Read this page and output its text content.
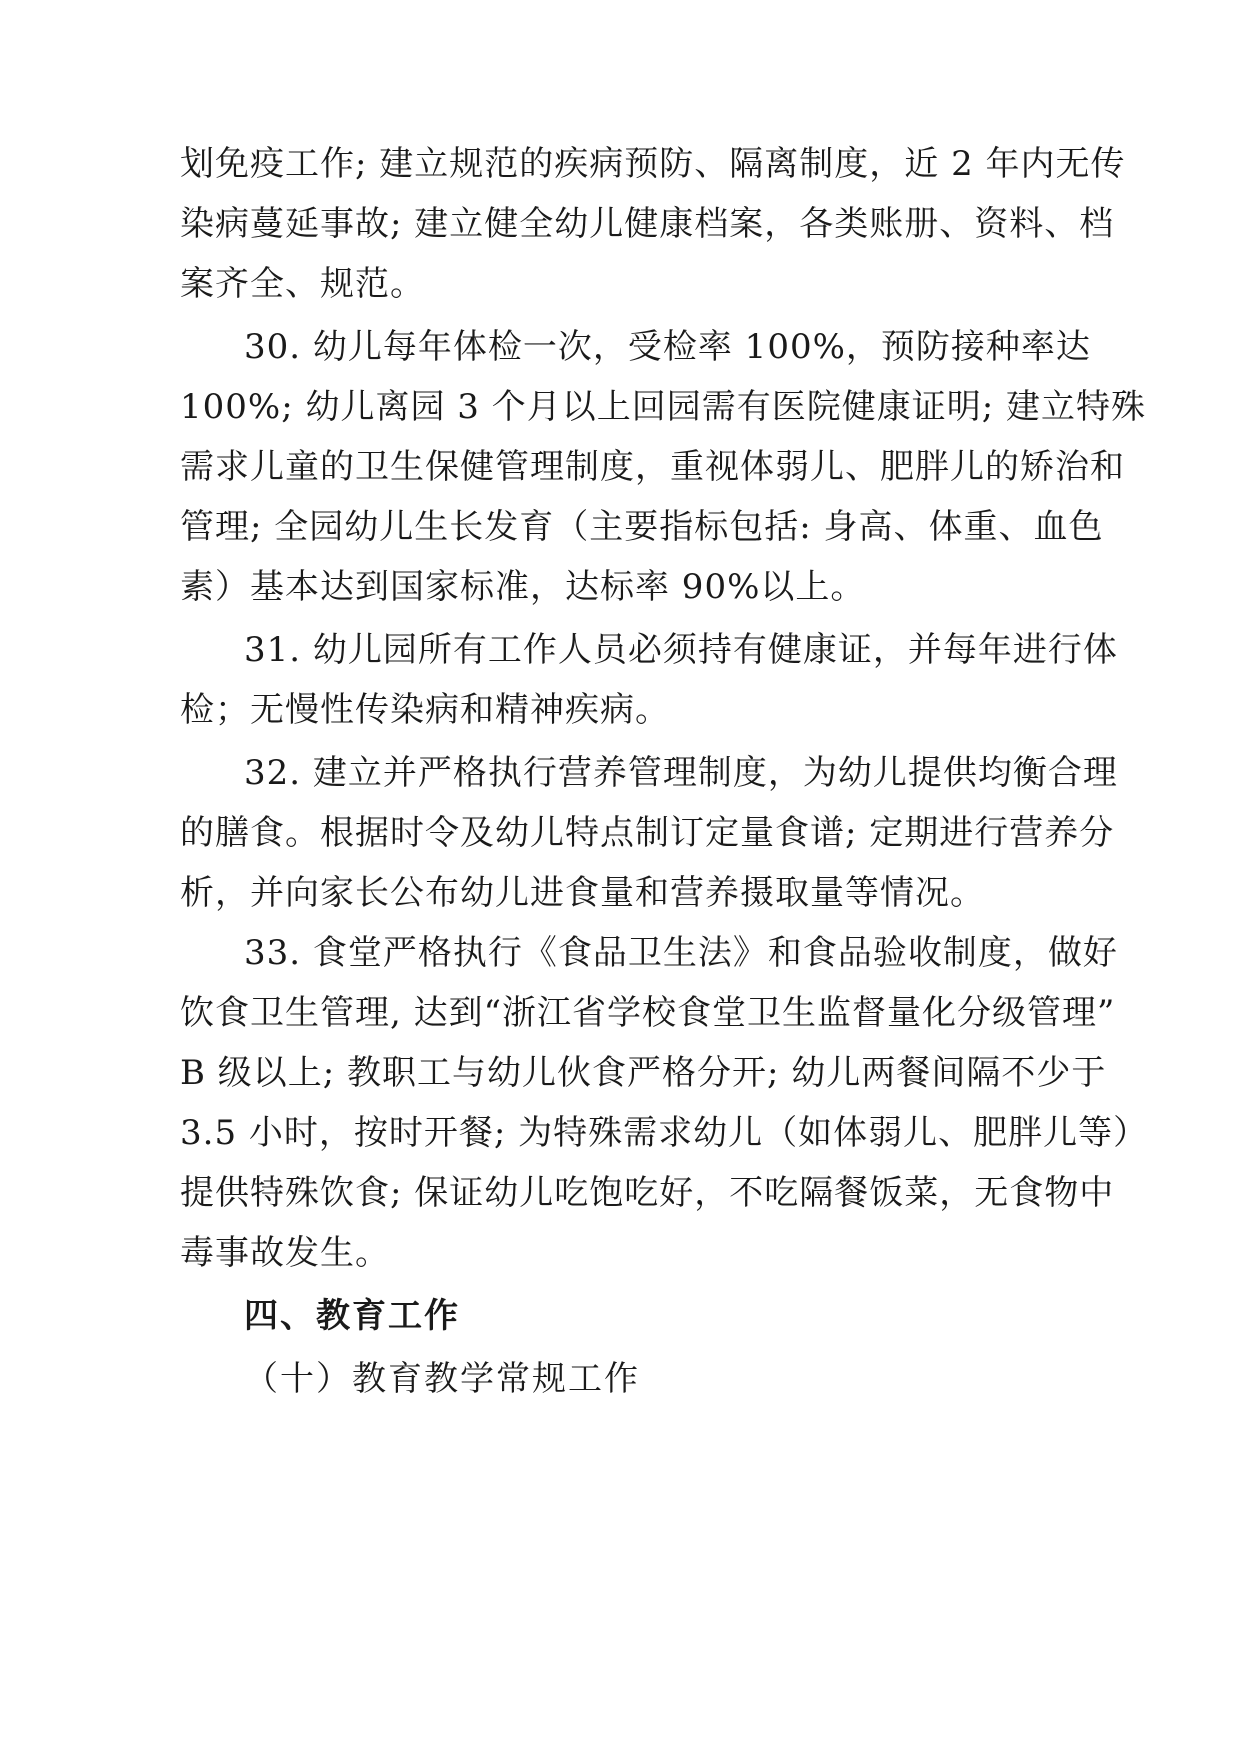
划免疫工作; 建立规范的疾病预防、隔离制度，近 2 年内无传
染病蔓延事故; 建立健全幼儿健康档案，各类账册、资料、档
案齐全、规范。
30. 幼儿每年体检一次，受检率 100%，预防接种率达
100%; 幼儿离园 3 个月以上回园需有医院健康证明; 建立特殊
需求儿童的卫生保健管理制度，重视体弱儿、肥胖儿的矫治和
管理; 全园幼儿生长发育（主要指标包括: 身高、体重、血色
素）基本达到国家标准，达标率 90%以上。
31. 幼儿园所有工作人员必须持有健康证，并每年进行体
检；无慢性传染病和精神疾病。
32. 建立并严格执行营养管理制度，为幼儿提供均衡合理
的膳食。根据时令及幼儿特点制订定量食谱; 定期进行营养分
析，并向家长公布幼儿进食量和营养摄取量等情况。
33. 食堂严格执行《食品卫生法》和食品验收制度，做好
饮食卫生管理, 达到“浙江省学校食堂卫生监督量化分级管理”
B 级以上; 教职工与幼儿伙食严格分开; 幼儿两餐间隔不少于
3.5 小时，按时开餐; 为特殊需求幼儿（如体弱儿、肥胖儿等）
提供特殊饮食; 保证幼儿吃饱吃好，不吃隔餐饭菜，无食物中
毒事故发生。
四、教育工作
（十）教育教学常规工作
